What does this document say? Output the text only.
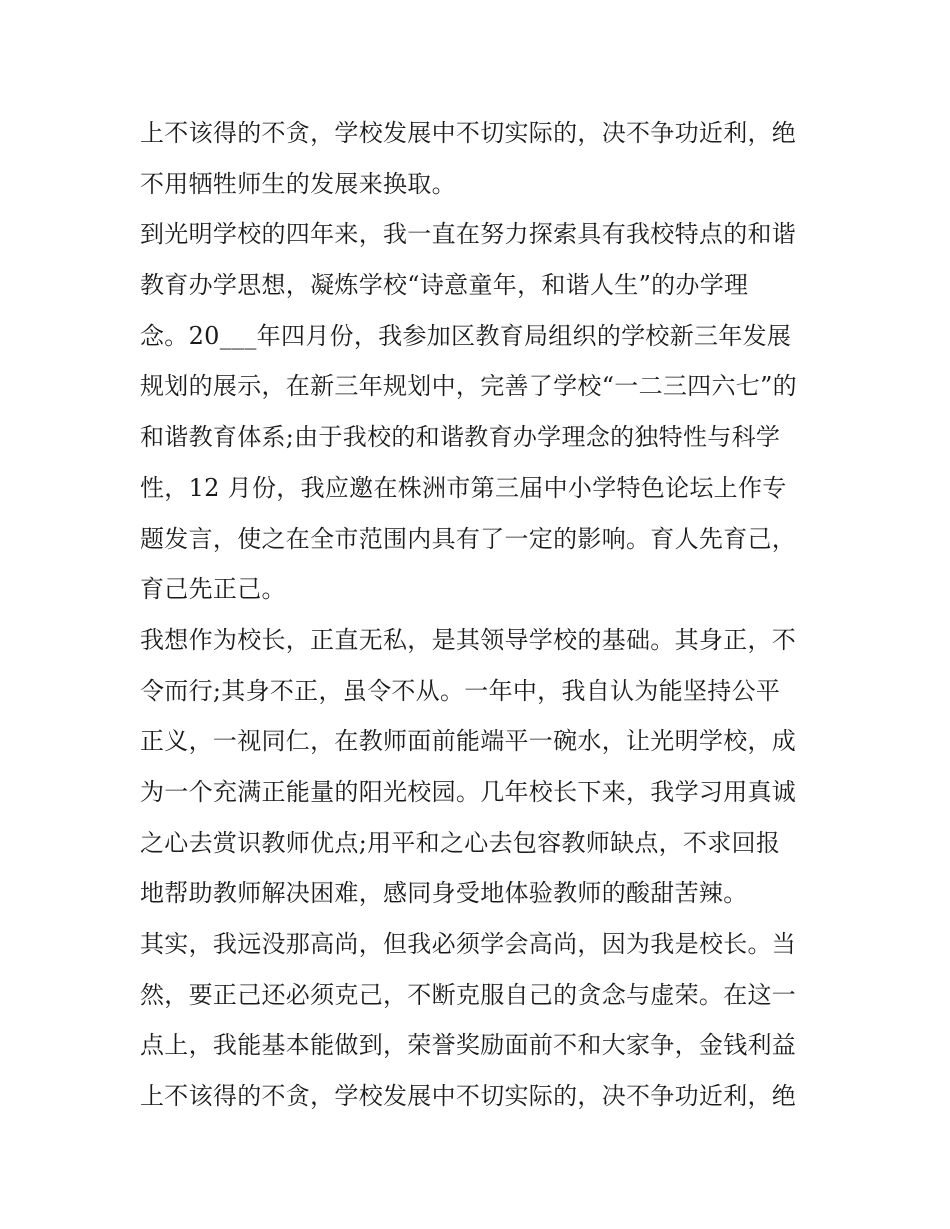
上不该得的不贪，学校发展中不切实际的，决不争功近利，绝
不用牺牲师生的发展来换取。
到光明学校的四年来，我一直在努力探索具有我校特点的和谐
教育办学思想，凝炼学校“诗意童年，和谐人生”的办学理
念。20___年四月份，我参加区教育局组织的学校新三年发展
规划的展示，在新三年规划中，完善了学校“一二三四六七”的
和谐教育体系;由于我校的和谐教育办学理念的独特性与科学
性，12 月份，我应邀在株洲市第三届中小学特色论坛上作专
题发言，使之在全市范围内具有了一定的影响。育人先育己，
育己先正己。
我想作为校长，正直无私，是其领导学校的基础。其身正，不
令而行;其身不正，虽令不从。一年中，我自认为能坚持公平
正义，一视同仁，在教师面前能端平一碗水，让光明学校，成
为一个充满正能量的阳光校园。几年校长下来，我学习用真诚
之心去赏识教师优点;用平和之心去包容教师缺点，不求回报
地帮助教师解决困难，感同身受地体验教师的酸甜苦辣。
其实，我远没那高尚，但我必须学会高尚，因为我是校长。当
然，要正己还必须克己，不断克服自己的贪念与虚荣。在这一
点上，我能基本能做到，荣誉奖励面前不和大家争，金钱利益
上不该得的不贪，学校发展中不切实际的，决不争功近利，绝
